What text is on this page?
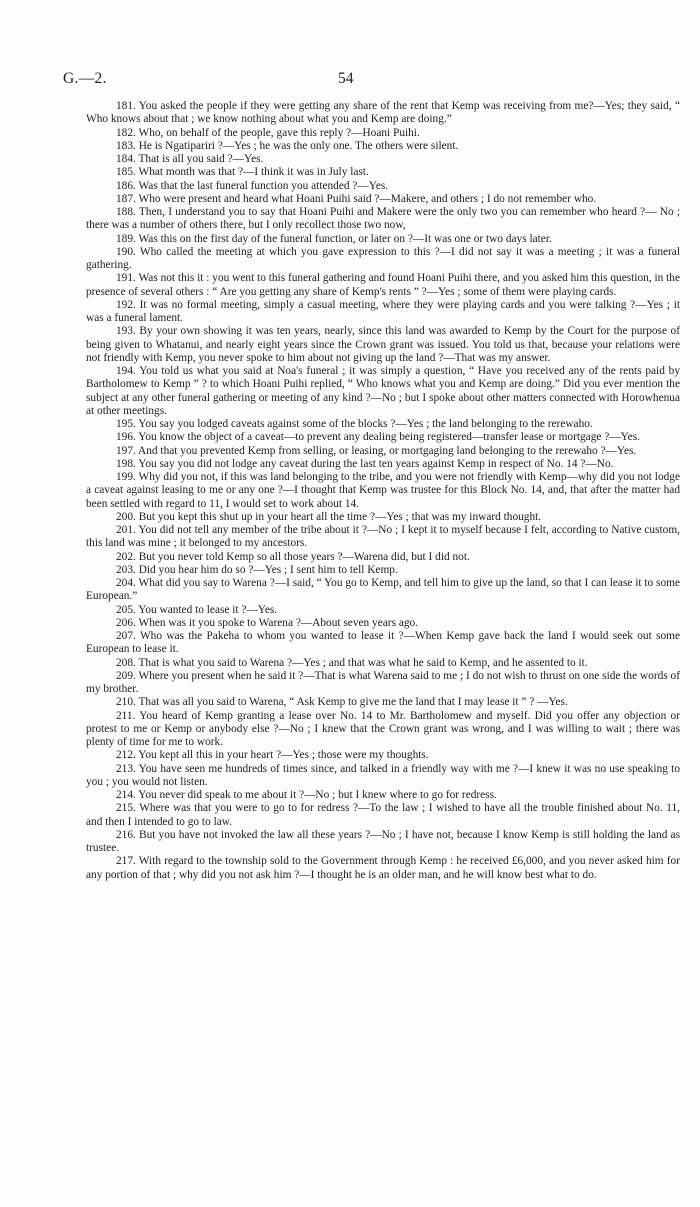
G.—2.	54

181. You asked the people if they were getting any share of the rent that Kemp was receiving from me?—Yes; they said, “ Who knows about that ; we know nothing about what you and Kemp are doing.”

182. Who, on behalf of the people, gave this reply ?—Hoani Puihi.

183. He is Ngatipariri ?—Yes ; he was the only one. The others were silent.

184. That is all you said ?—Yes.

185. What month was that ?—I think it was in July last.

186. Was that the last funeral function you attended ?—Yes.

187. Who were present and heard what Hoani Puihi said ?—Makere, and others ; I do not remember who.

188. Then, I understand you to say that Hoani Puihi and Makere were the only two you can remember who heard ?— No ; there was a number of others there, but I only recollect those two now,

189. Was this on the first day of the funeral function, or later on ?—It was one or two days later.

190. Who called the meeting at which you gave expression to this ?—I did not say it was a meeting ; it was a funeral gathering.

191. Was not this it : you went to this funeral gathering and found Hoani Puihi there, and you asked him this question, in the presence of several others : “ Are you getting any share of Kemp's rents ” ?—Yes ; some of them were playing cards.

192. It was no formal meeting, simply a casual meeting, where they were playing cards and you were talking ?—Yes ; it was a funeral lament.

193. By your own showing it was ten years, nearly, since this land was awarded to Kemp by the Court for the purpose of being given to Whatanui, and nearly eight years since the Crown grant was issued. You told us that, because your relations were not friendly with Kemp, you never spoke to him about not giving up the land ?—That was my answer.

194. You told us what you said at Noa's funeral ; it was simply a question, “ Have you received any of the rents paid by Bartholomew to Kemp ” ? to which Hoani Puihi replied, “ Who knows what you and Kemp are doing.” Did you ever mention the subject at any other funeral gathering or meeting of any kind ?—No ; but I spoke about other matters connected with Horowhenua at other meetings.

195. You say you lodged caveats against some of the blocks ?—Yes ; the land belonging to the rerewaho.

196. You know the object of a caveat—to prevent any dealing being registered—transfer lease or mortgage ?—Yes.

197. And that you prevented Kemp from selling, or leasing, or mortgaging land belonging to the rerewaho ?—Yes.

198. You say you did not lodge any caveat during the last ten years against Kemp in respect of No. 14 ?—No.

199. Why did you not, if this was land belonging to the tribe, and you were not friendly with Kemp—why did you not lodge a caveat against leasing to me or any one ?—I thought that Kemp was trustee for this Block No. 14, and, that after the matter had been settled with regard to 11, I would set to work about 14.

200. But you kept this shut up in your heart all the time ?—Yes ; that was my inward thought.

201. You did not tell any member of the tribe about it ?—No ; I kept it to myself because I felt, according to Native custom, this land was mine ; it belonged to my ancestors.

202. But you never told Kemp so all those years ?—Warena did, but I did not.

203. Did you hear him do so ?—Yes ; I sent him to tell Kemp.

204. What did you say to Warena ?—I said, “ You go to Kemp, and tell him to give up the land, so that I can lease it to some European.”

205. You wanted to lease it ?—Yes.

206. When was it you spoke to Warena ?—About seven years ago.

207. Who was the Pakeha to whom you wanted to lease it ?—When Kemp gave back the land I would seek out some European to lease it.

208. That is what you said to Warena ?—Yes ; and that was what he said to Kemp, and he assented to it.

209. Where you present when he said it ?—That is what Warena said to me ; I do not wish to thrust on one side the words of my brother.

210. That was all you said to Warena, “ Ask Kemp to give me the land that I may lease it ” ? —Yes.

211. You heard of Kemp granting a lease over No. 14 to Mr. Bartholomew and myself. Did you offer any objection or protest to me or Kemp or anybody else ?—No ; I knew that the Crown grant was wrong, and I was willing to wait ; there was plenty of time for me to work.

212. You kept all this in your heart ?—Yes ; those were my thoughts.

213. You have seen me hundreds of times since, and talked in a friendly way with me ?—I knew it was no use speaking to you ; you would not listen.

214. You never did speak to me about it ?—No ; but I knew where to go for redress.

215. Where was that you were to go to for redress ?—To the law ; I wished to have all the trouble finished about No. 11, and then I intended to go to law.

216. But you have not invoked the law all these years ?—No ; I have not, because I know Kemp is still holding the land as trustee.

217. With regard to the township sold to the Government through Kemp : he received £6,000, and you never asked him for any portion of that ; why did you not ask him ?—I thought he is an older man, and he will know best what to do.
